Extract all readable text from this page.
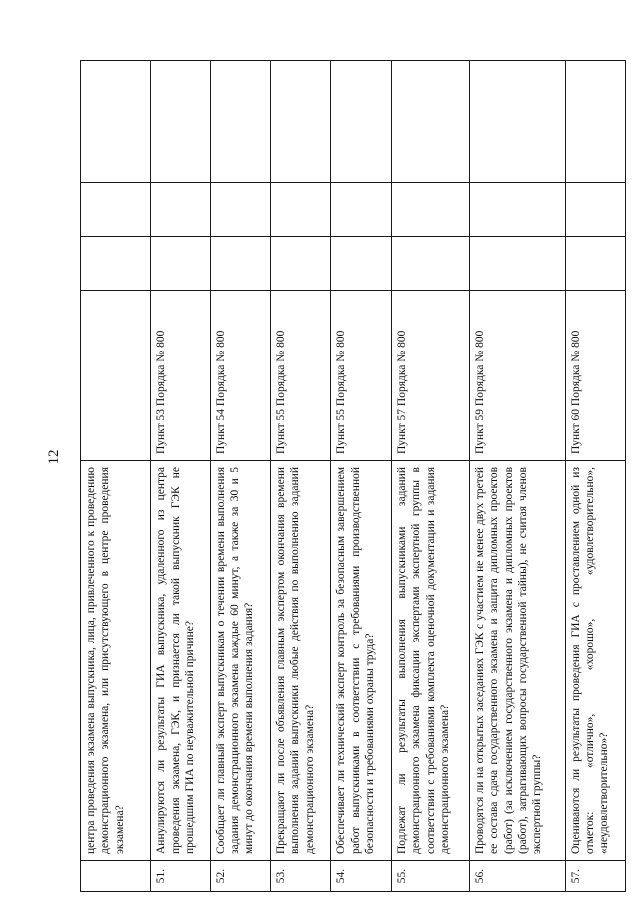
	центра проведения экзамена выпускника, лица, привлеченного к проведению демонстрационного экзамена, или присутствующего в центре проведения экзамена?				
51.	Аннулируются ли результаты ГИА выпускника, удаленного из центра проведения экзамена, ГЭК, и признается ли такой выпускник ГЭК не прошедшим ГИА по неуважительной причине?	Пункт 53 Порядка № 800			
52.	Сообщает ли главный эксперт выпускникам о течении времени выполнения задания демонстрационного экзамена каждые 60 минут, а также за 30 и 5 минут до окончания времени выполнения задания?	Пункт 54 Порядка № 800			
53.	Прекращают ли после объявления главным экспертом окончания времени выполнения заданий выпускники любые действия по выполнению заданий демонстрационного экзамена?	Пункт 55 Порядка № 800			
54.	Обеспечивает ли технический эксперт контроль за безопасным завершением работ выпускниками в соответствии с требованиями производственной безопасности и требованиями охраны труда?	Пункт 55 Порядка № 800			
55.	Подлежат ли результаты выполнения выпускниками заданий демонстрационного экзамена фиксации экспертами экспертной группы в соответствии с требованиями комплекта оценочной документации и задания демонстрационного экзамена?	Пункт 57 Порядка № 800			
56.	Проводятся ли на открытых заседаниях ГЭК с участием не менее двух третей ее состава сдача государственного экзамена и защита дипломных проектов (работ) (за исключением государственного экзамена и дипломных проектов (работ), затрагивающих вопросы государственной тайны), не считая членов экспертной группы?	Пункт 59 Порядка № 800			
57.	Оцениваются ли результаты проведения ГИА с проставлением одной из отметок: «отлично», «хорошо», «удовлетворительно», «неудовлетворительно»?	Пункт 60 Порядка № 800			
12
